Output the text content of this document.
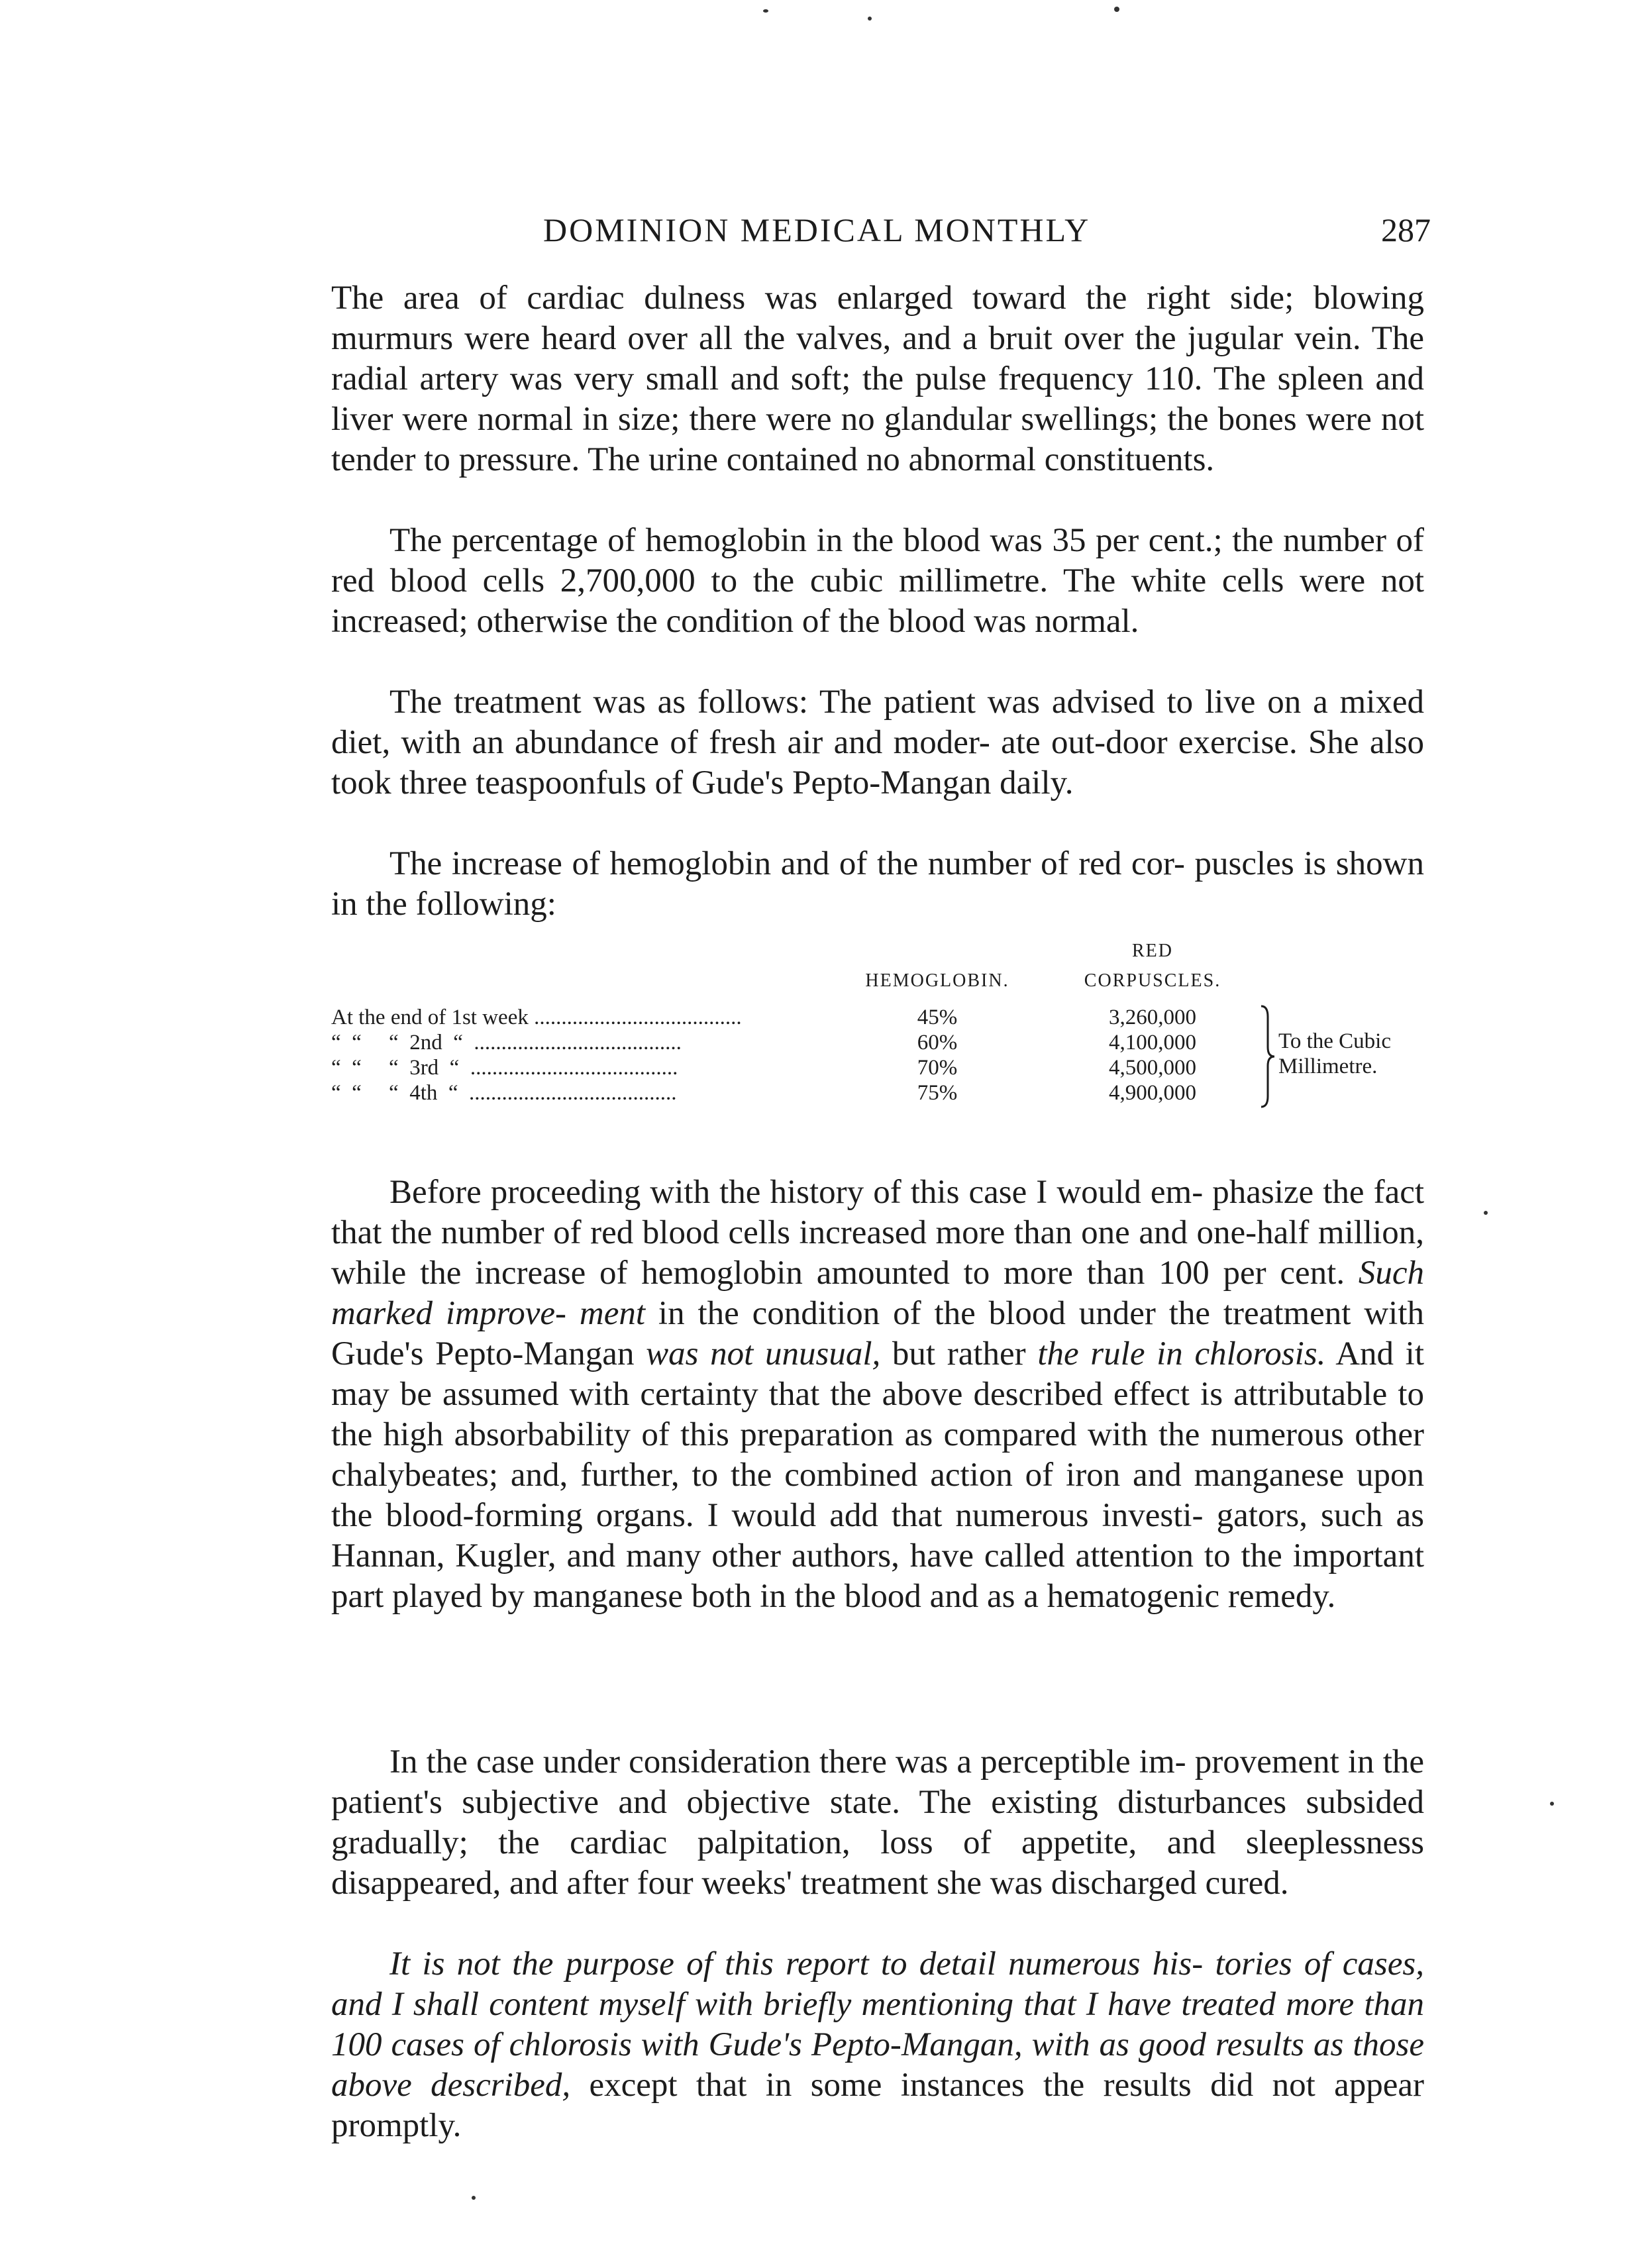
DOMINION MEDICAL MONTHLY	287

The area of cardiac dulness was enlarged toward the right side; blowing murmurs were heard over all the valves, and a bruit over the jugular vein. The radial artery was very small and soft; the pulse frequency 110. The spleen and liver were normal in size; there were no glandular swellings; the bones were not tender to pressure. The urine contained no abnormal constituents.

The percentage of hemoglobin in the blood was 35 per cent.; the number of red blood cells 2,700,000 to the cubic millimetre. The white cells were not increased; otherwise the condition of the blood was normal.

The treatment was as follows: The patient was advised to live on a mixed diet, with an abundance of fresh air and moder- ate out-door exercise. She also took three teaspoonfuls of Gude's Pepto-Mangan daily.

The increase of hemoglobin and of the number of red cor- puscles is shown in the following:

RED
HEMOGLOBIN.	CORPUSCLES.
At the end of 1st week ......................................	45%	3,260,000
“  “     “  2nd  “  ......................................	60%	4,100,000
“  “     “  3rd  “  ......................................	70%	4,500,000
“  “     “  4th  “  ......................................	75%	4,900,000
To the Cubic
Millimetre.

Before proceeding with the history of this case I would em- phasize the fact that the number of red blood cells increased more than one and one-half million, while the increase of hemoglobin amounted to more than 100 per cent. Such marked improve- ment in the condition of the blood under the treatment with Gude's Pepto-Mangan was not unusual, but rather the rule in chlorosis. And it may be assumed with certainty that the above described effect is attributable to the high absorbability of this preparation as compared with the numerous other chalybeates; and, further, to the combined action of iron and manganese upon the blood-forming organs. I would add that numerous investi- gators, such as Hannan, Kugler, and many other authors, have called attention to the important part played by manganese both in the blood and as a hematogenic remedy.

In the case under consideration there was a perceptible im- provement in the patient's subjective and objective state. The existing disturbances subsided gradually; the cardiac palpitation, loss of appetite, and sleeplessness disappeared, and after four weeks' treatment she was discharged cured.

It is not the purpose of this report to detail numerous his- tories of cases, and I shall content myself with briefly mentioning that I have treated more than 100 cases of chlorosis with Gude's Pepto-Mangan, with as good results as those above described, except that in some instances the results did not appear promptly.
